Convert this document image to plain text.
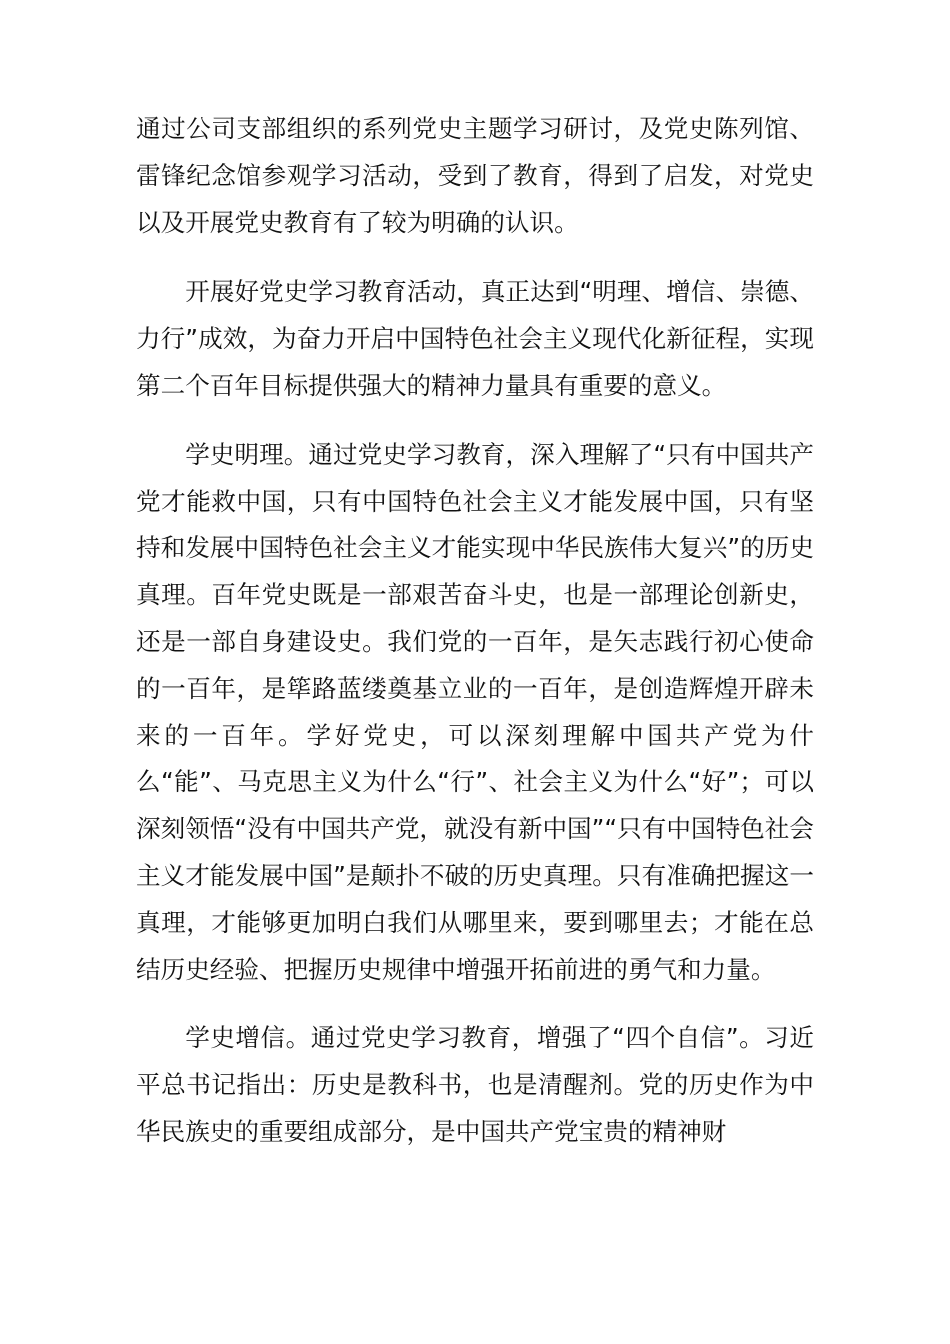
通过公司支部组织的系列党史主题学习研讨，及党史陈列馆、雷锋纪念馆参观学习活动，受到了教育，得到了启发，对党史以及开展党史教育有了较为明确的认识。

开展好党史学习教育活动，真正达到“明理、增信、崇德、力行”成效，为奋力开启中国特色社会主义现代化新征程，实现第二个百年目标提供强大的精神力量具有重要的意义。

学史明理。通过党史学习教育，深入理解了“只有中国共产党才能救中国，只有中国特色社会主义才能发展中国，只有坚持和发展中国特色社会主义才能实现中华民族伟大复兴”的历史真理。百年党史既是一部艰苦奋斗史，也是一部理论创新史，还是一部自身建设史。我们党的一百年，是矢志践行初心使命的一百年，是筚路蓝缕奠基立业的一百年，是创造辉煌开辟未来的一百年。学好党史，可以深刻理解中国共产党为什么“能”、马克思主义为什么“行”、社会主义为什么“好”；可以深刻领悟“没有中国共产党，就没有新中国”“只有中国特色社会主义才能发展中国”是颠扑不破的历史真理。只有准确把握这一真理，才能够更加明白我们从哪里来，要到哪里去；才能在总结历史经验、把握历史规律中增强开拓前进的勇气和力量。

学史增信。通过党史学习教育，增强了“四个自信”。习近平总书记指出：历史是教科书，也是清醒剂。党的历史作为中华民族史的重要组成部分，是中国共产党宝贵的精神财
